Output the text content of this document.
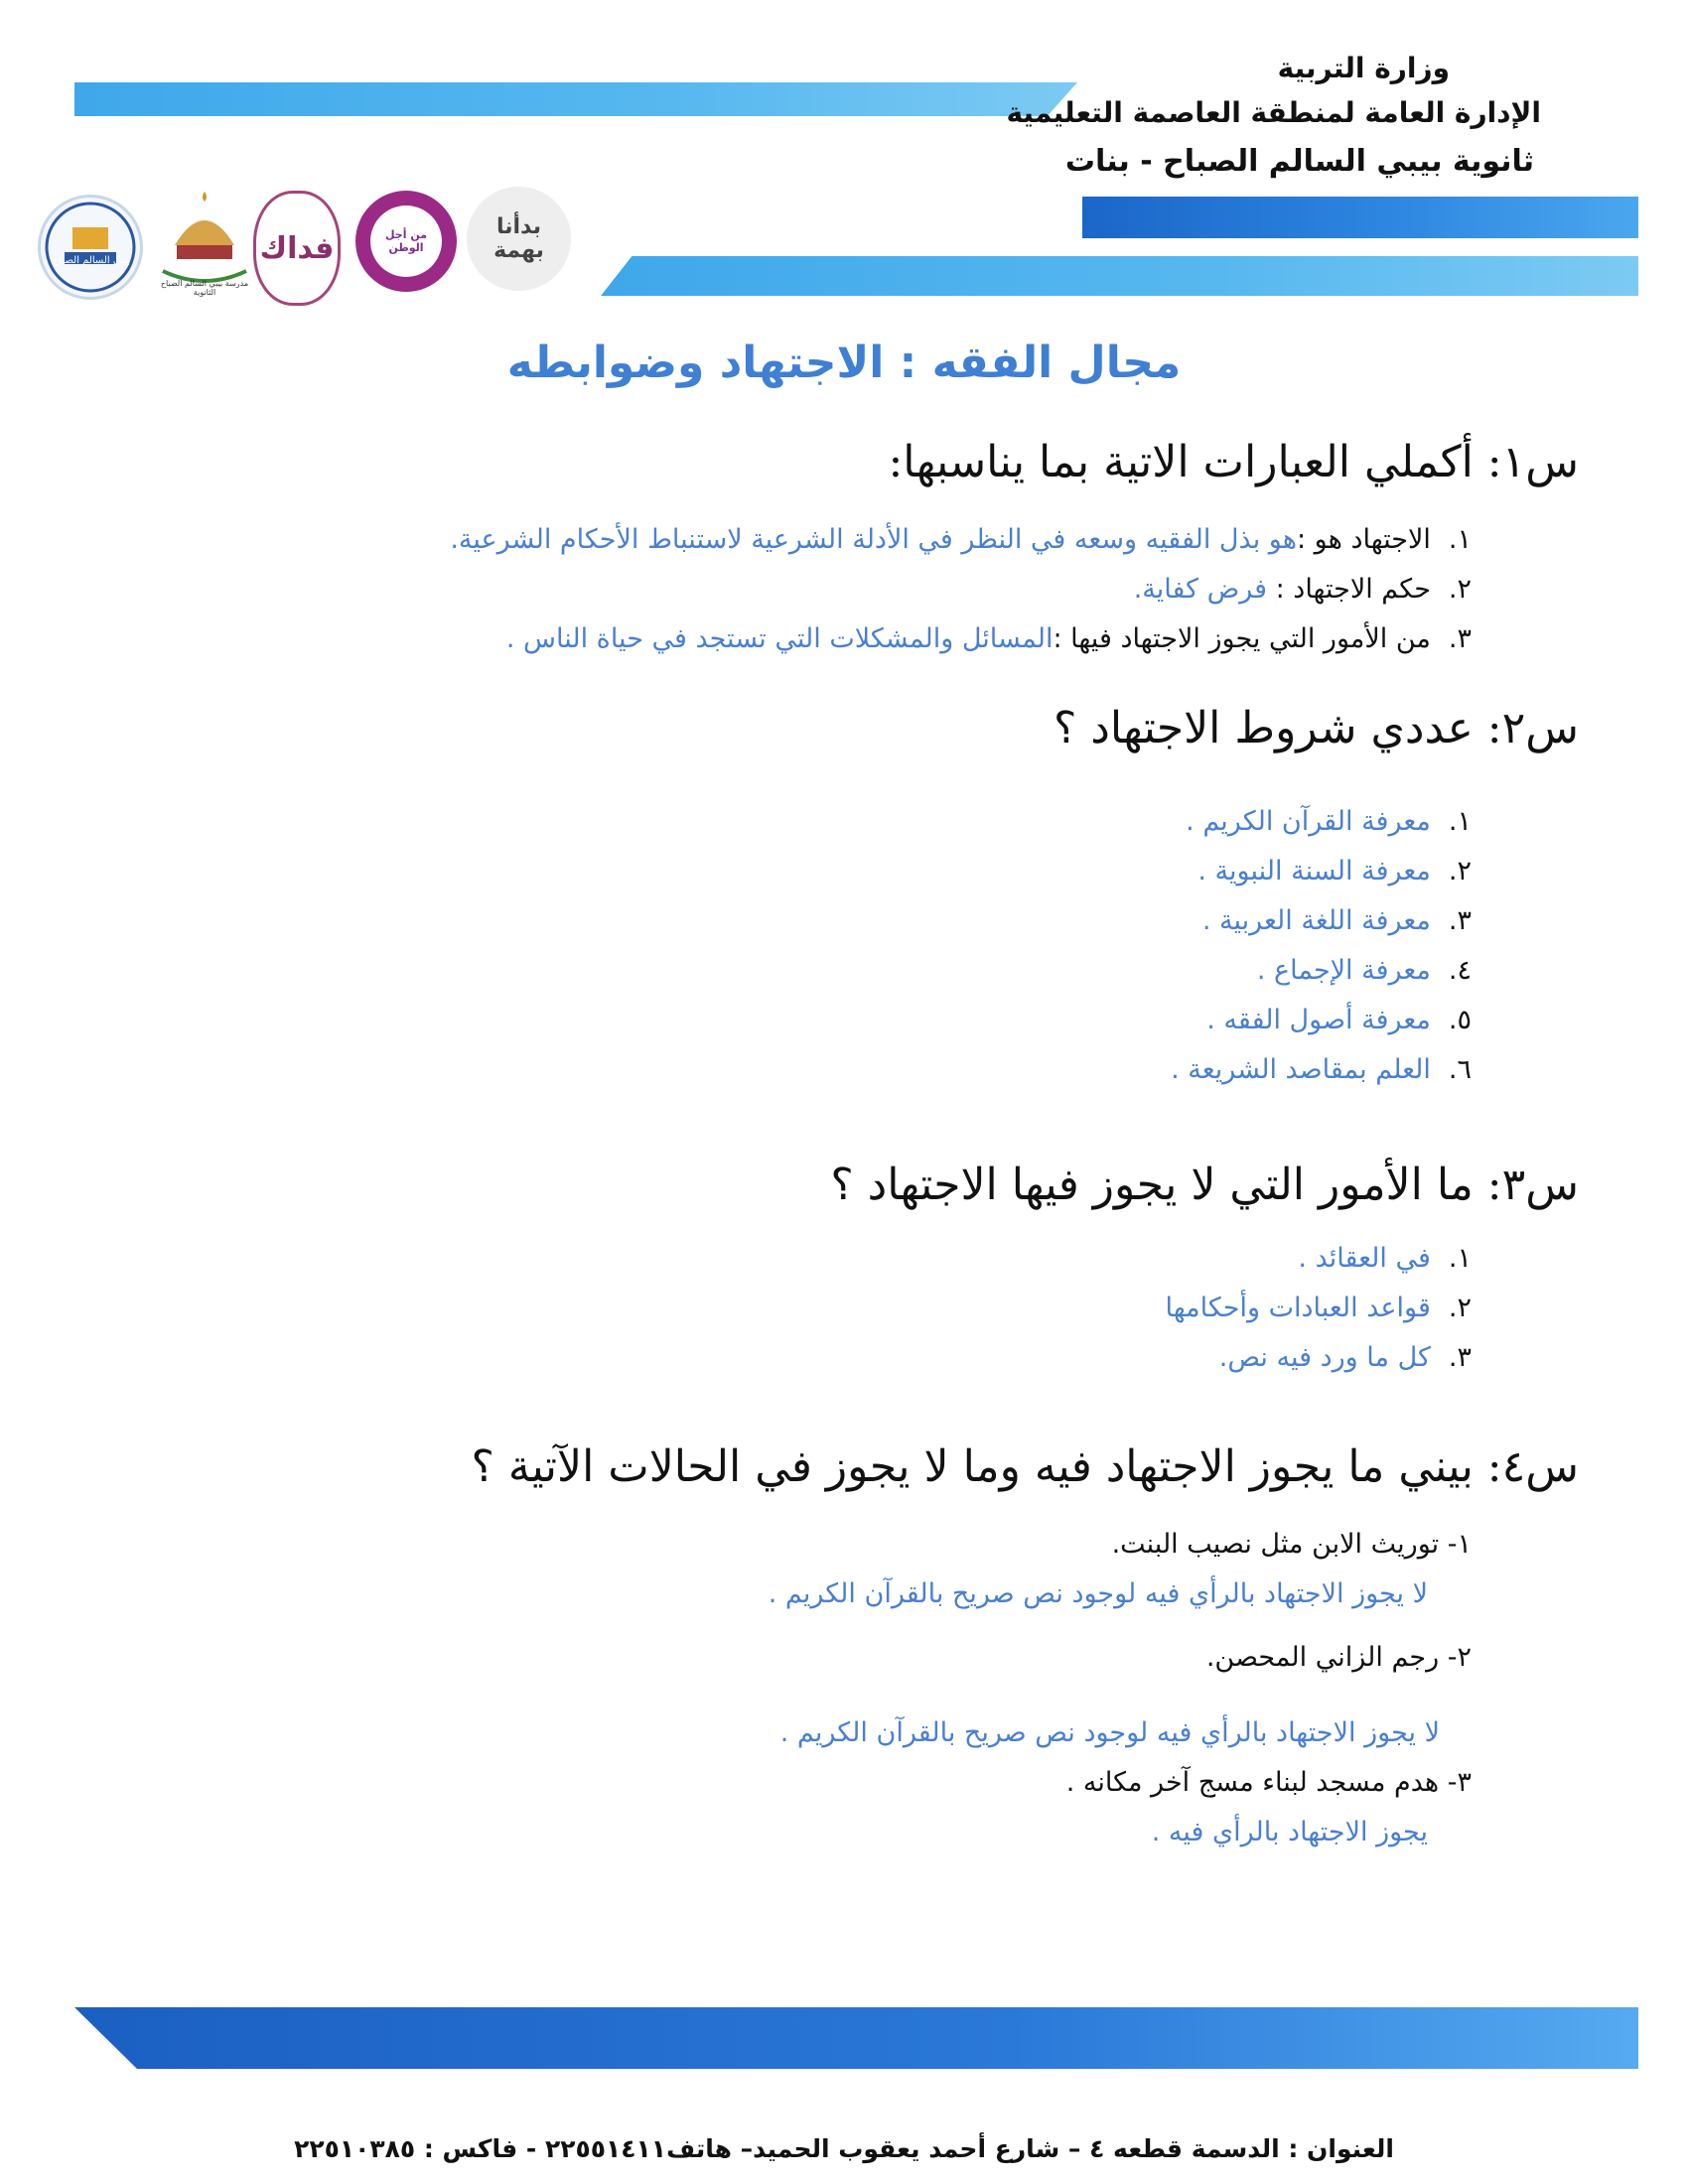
وزارة التربية
الإدارة العامة لمنطقة العاصمة التعليمية
ثانوية بيبي السالم الصباح - بنات
بيبي السالم الصباح
مدرسة بيبي السالم الصباح الثانوية
فداك	من أجل الوطن
بدأنا بهمة
مجال الفقه : الاجتهاد وضوابطه
س١: أكملي العبارات الاتية بما يناسبها:
١.الاجتهاد هو :هو بذل الفقيه وسعه في النظر في الأدلة الشرعية لاستنباط الأحكام الشرعية.
٢.حكم الاجتهاد : فرض كفاية.
٣.من الأمور التي يجوز الاجتهاد فيها :المسائل والمشكلات التي تستجد في حياة الناس .
س٢: عددي شروط الاجتهاد ؟
١.معرفة القرآن الكريم .
٢.معرفة السنة النبوية .
٣.معرفة اللغة العربية .
٤.معرفة الإجماع .
٥.معرفة أصول الفقه .
٦.العلم بمقاصد الشريعة .
س٣: ما الأمور التي لا يجوز فيها الاجتهاد ؟
١.في العقائد .
٢.قواعد العبادات وأحكامها
٣.كل ما ورد فيه نص.
س٤: بيني ما يجوز الاجتهاد فيه وما لا يجوز في الحالات الآتية ؟
١- توريث الابن مثل نصيب البنت.
لا يجوز الاجتهاد بالرأي فيه لوجود نص صريح بالقرآن الكريم .
٢- رجم الزاني المحصن.
لا يجوز الاجتهاد بالرأي فيه لوجود نص صريح بالقرآن الكريم .
٣- هدم مسجد لبناء مسج آخر مكانه .
يجوز الاجتهاد بالرأي فيه .
العنوان : الدسمة قطعه ٤ – شارع أحمد يعقوب الحميد– هاتف٢٢٥٥١٤١١ - فاكس : ٢٢٥١٠٣٨٥
